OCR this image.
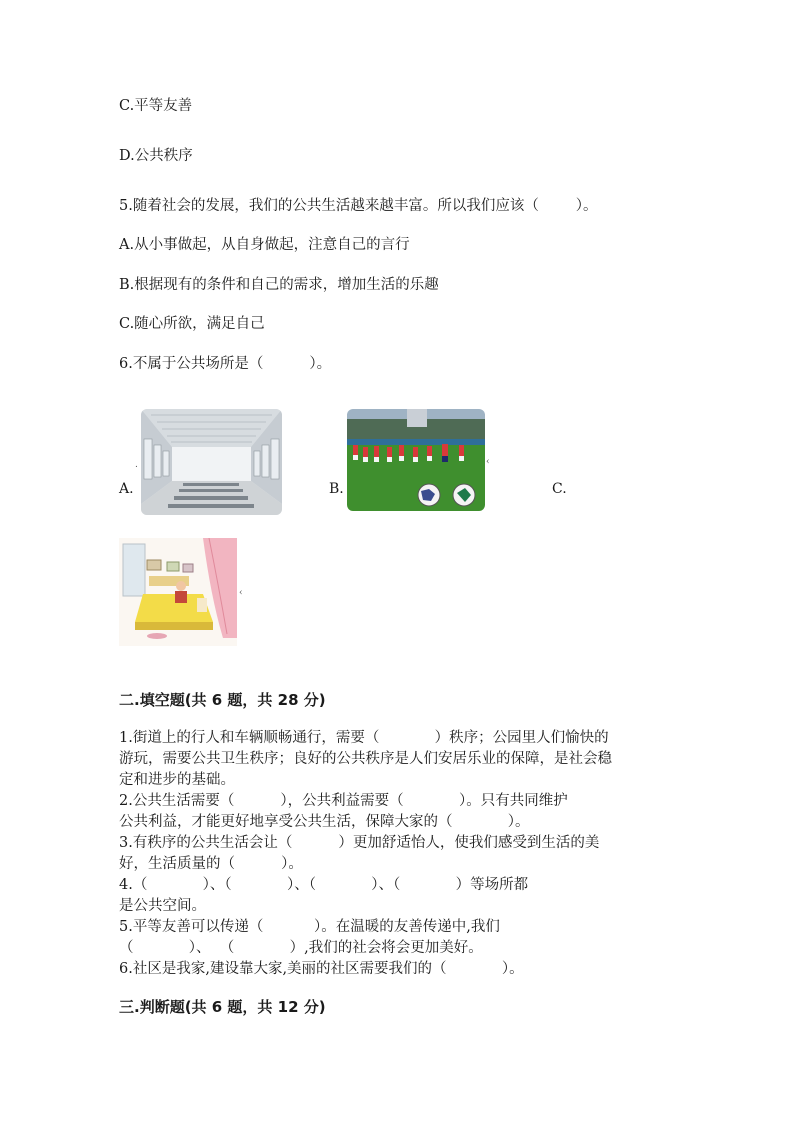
C.平等友善
D.公共秩序
5.随着社会的发展，我们的公共生活越来越丰富。所以我们应该（        ）。
A.从小事做起，从自身做起，注意自己的言行
B.根据现有的条件和自己的需求，增加生活的乐趣
C.随心所欲，满足自己
6.不属于公共场所是（          ）。
A.
.
B.
‹
C.
‹
二.填空题(共 6 题，共 28 分)

1.街道上的行人和车辆顺畅通行，需要（            ）秩序；公园里人们愉快的

游玩，需要公共卫生秩序；良好的公共秩序是人们安居乐业的保障，是社会稳

定和进步的基础。

2.公共生活需要（          ），公共利益需要（            ）。只有共同维护

公共利益，才能更好地享受公共生活，保障大家的（            ）。

3.有秩序的公共生活会让（          ）更加舒适怡人，使我们感受到生活的美

好，生活质量的（          ）。

4.（            ）、（            ）、（            ）、（            ）等场所都

是公共空间。

5.平等友善可以传递（           ）。在温暖的友善传递中,我们

（            ）、  （            ）,我们的社会将会更加美好。

6.社区是我家,建设靠大家,美丽的社区需要我们的（            ）。

三.判断题(共 6 题，共 12 分)
